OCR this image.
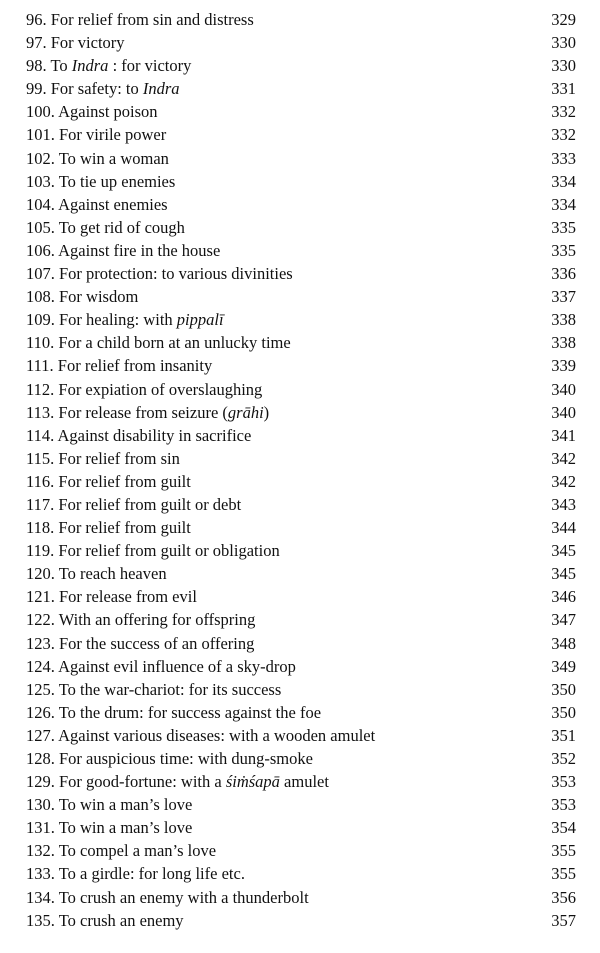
96. For relief from sin and distress	329
97. For victory	330
98. To Indra : for victory	330
99. For safety: to Indra	331
100. Against poison	332
101. For virile power	332
102. To win a woman	333
103. To tie up enemies	334
104. Against enemies	334
105. To get rid of cough	335
106. Against fire in the house	335
107. For protection: to various divinities	336
108. For wisdom	337
109. For healing: with pippalī	338
110. For a child born at an unlucky time	338
111. For relief from insanity	339
112. For expiation of overslaughing	340
113. For release from seizure (grāhi)	340
114. Against disability in sacrifice	341
115. For relief from sin	342
116. For relief from guilt	342
117. For relief from guilt or debt	343
118. For relief from guilt	344
119. For relief from guilt or obligation	345
120. To reach heaven	345
121. For release from evil	346
122. With an offering for offspring	347
123. For the success of an offering	348
124. Against evil influence of a sky-drop	349
125. To the war-chariot: for its success	350
126. To the drum: for success against the foe	350
127. Against various diseases: with a wooden amulet	351
128. For auspicious time: with dung-smoke	352
129. For good-fortune: with a śiṁśapā amulet	353
130. To win a man’s love	353
131. To win a man’s love	354
132. To compel a man’s love	355
133. To a girdle: for long life etc.	355
134. To crush an enemy with a thunderbolt	356
135. To crush an enemy	357
